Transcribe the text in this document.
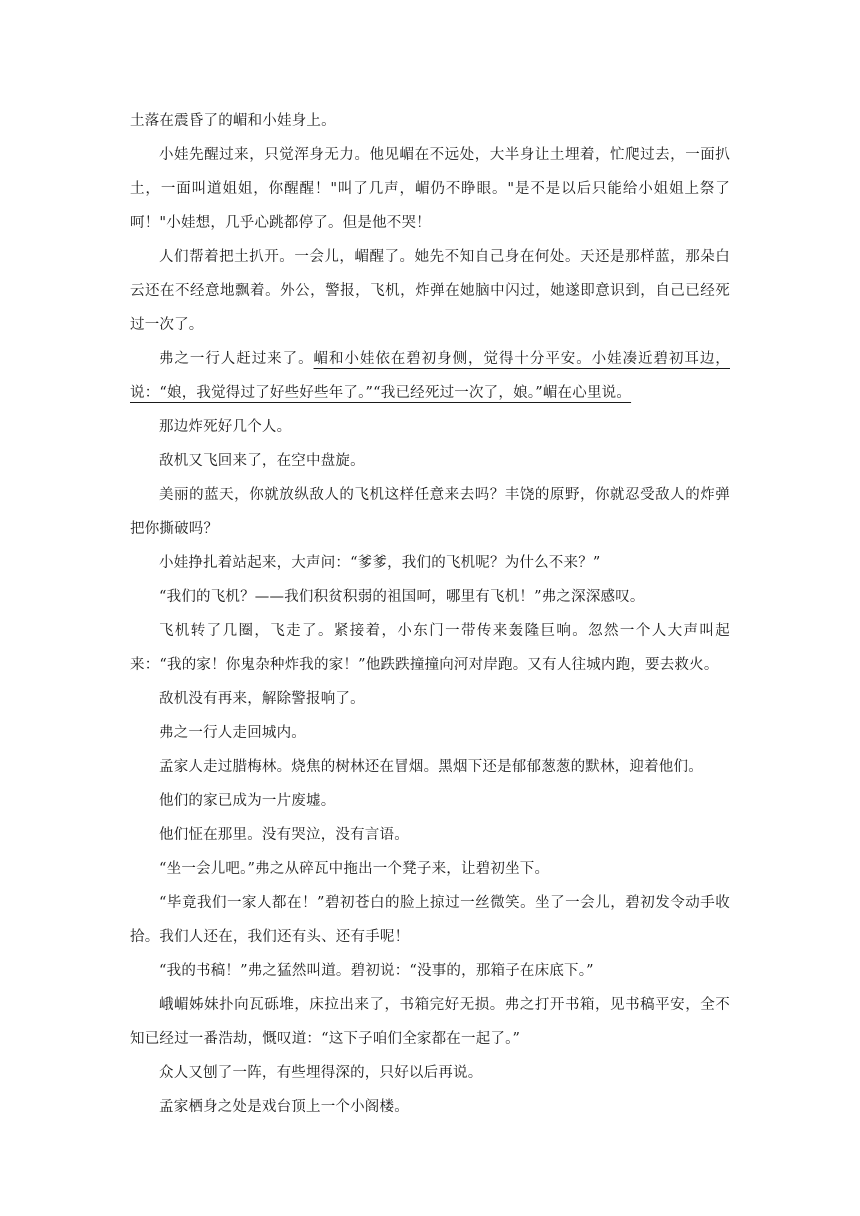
土落在震昏了的嵋和小娃身上。

小娃先醒过来，只觉浑身无力。他见嵋在不远处，大半身让土埋着，忙爬过去，一面扒土，一面叫道姐姐，你醒醒！"叫了几声，嵋仍不睁眼。"是不是以后只能给小姐姐上祭了呵！"小娃想，几乎心跳都停了。但是他不哭！

人们帮着把土扒开。一会儿，嵋醒了。她先不知自己身在何处。天还是那样蓝，那朵白云还在不经意地飘着。外公，警报，飞机，炸弹在她脑中闪过，她遂即意识到，自己已经死过一次了。

弗之一行人赶过来了。嵋和小娃依在碧初身侧，觉得十分平安。小娃凑近碧初耳边，说：“娘，我觉得过了好些好些年了。”“我已经死过一次了，娘。”嵋在心里说。

那边炸死好几个人。

敌机又飞回来了，在空中盘旋。

美丽的蓝天，你就放纵敌人的飞机这样任意来去吗？丰饶的原野，你就忍受敌人的炸弹把你撕破吗？

小娃挣扎着站起来，大声问：“爹爹，我们的飞机呢？为什么不来？”

“我们的飞机？——我们积贫积弱的祖国呵，哪里有飞机！”弗之深深感叹。

飞机转了几圈，飞走了。紧接着，小东门一带传来轰隆巨响。忽然一个人大声叫起来：“我的家！你鬼杂种炸我的家！”他跌跌撞撞向河对岸跑。又有人往城内跑，要去救火。

敌机没有再来，解除警报响了。

弗之一行人走回城内。

孟家人走过腊梅林。烧焦的树林还在冒烟。黑烟下还是郁郁葱葱的默林，迎着他们。

他们的家已成为一片废墟。

他们怔在那里。没有哭泣，没有言语。

“坐一会儿吧。”弗之从碎瓦中拖出一个凳子来，让碧初坐下。

“毕竟我们一家人都在！”碧初苍白的脸上掠过一丝微笑。坐了一会儿，碧初发令动手收拾。我们人还在，我们还有头、还有手呢！

“我的书稿！”弗之猛然叫道。碧初说：“没事的，那箱子在床底下。”

峨嵋姊妹扑向瓦砾堆，床拉出来了，书箱完好无损。弗之打开书箱，见书稿平安，全不知已经过一番浩劫，慨叹道：“这下子咱们全家都在一起了。”

众人又刨了一阵，有些埋得深的，只好以后再说。

孟家栖身之处是戏台顶上一个小阁楼。
